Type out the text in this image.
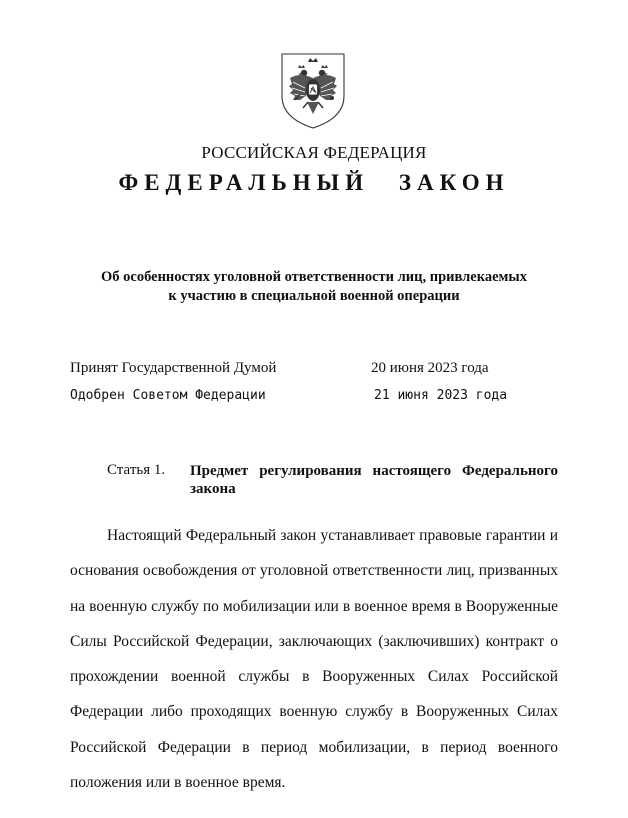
РОССИЙСКАЯ ФЕДЕРАЦИЯ
ФЕДЕРАЛЬНЫЙ ЗАКОН
Об особенностях уголовной ответственности лиц, привлекаемых
к участию в специальной военной операции
Принят Государственной Думой	20 июня 2023 года
Одобрен Советом Федерации	21 июня 2023 года
Статья 1. Предмет регулирования настоящего Федерального закона

Настоящий Федеральный закон устанавливает правовые гарантии и основания освобождения от уголовной ответственности лиц, призванных на военную службу по мобилизации или в военное время в Вооруженные Силы Российской Федерации, заключающих (заключивших) контракт о прохождении военной службы в Вооруженных Силах Российской Федерации либо проходящих военную службу в Вооруженных Силах Российской Федерации в период мобилизации, в период военного положения или в военное время.
